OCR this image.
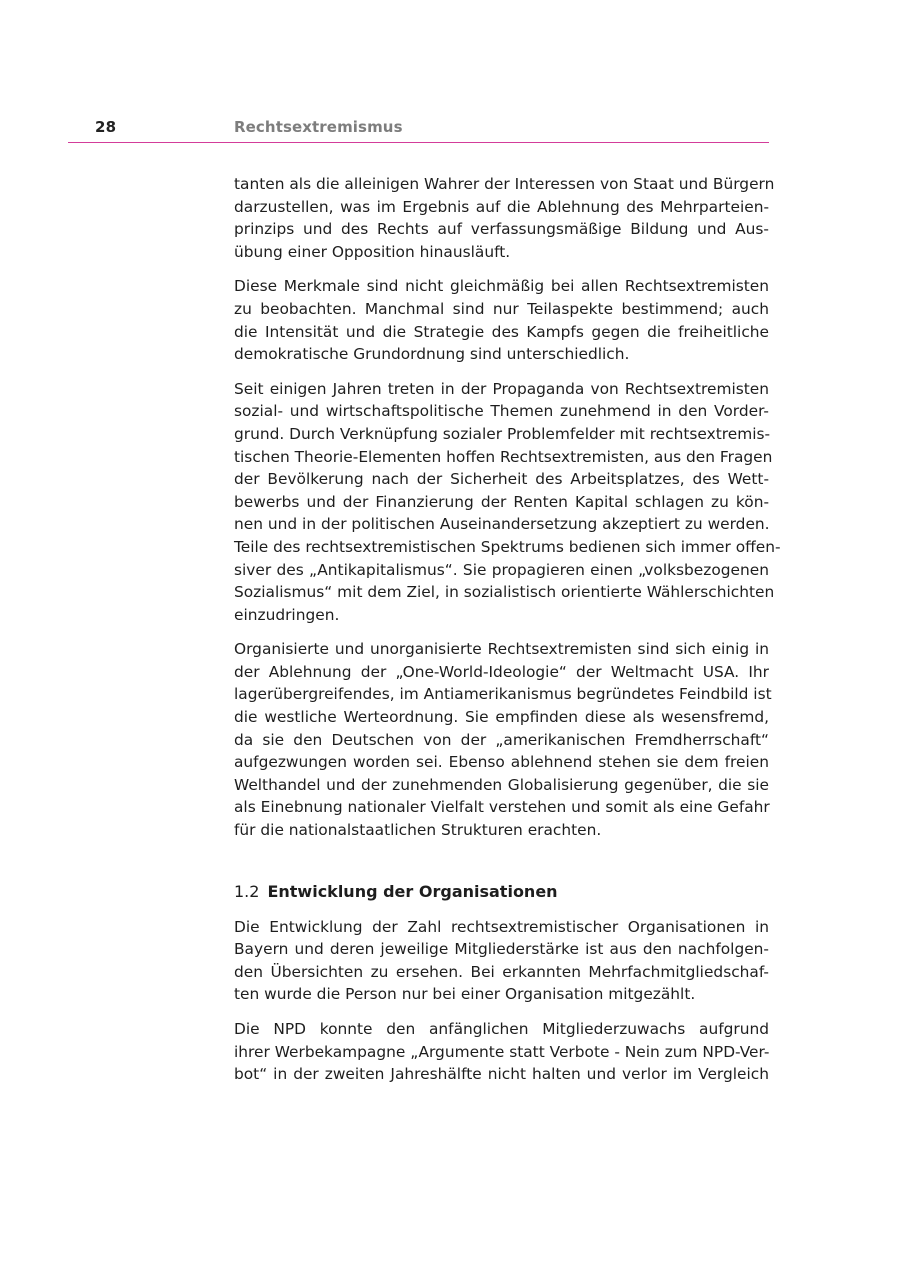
28	Rechtsextremismus

tanten als die alleinigen Wahrer der Interessen von Staat und Bürgern
darzustellen, was im Ergebnis auf die Ablehnung des Mehrparteien-
prinzips und des Rechts auf verfassungsmäßige Bildung und Aus-
übung einer Opposition hinausläuft.

Diese Merkmale sind nicht gleichmäßig bei allen Rechtsextremisten
zu beobachten. Manchmal sind nur Teilaspekte bestimmend; auch
die Intensität und die Strategie des Kampfs gegen die freiheitliche
demokratische Grundordnung sind unterschiedlich.

Seit einigen Jahren treten in der Propaganda von Rechtsextremisten
sozial- und wirtschaftspolitische Themen zunehmend in den Vorder-
grund. Durch Verknüpfung sozialer Problemfelder mit rechtsextremis-
tischen Theorie-Elementen hoffen Rechtsextremisten, aus den Fragen
der Bevölkerung nach der Sicherheit des Arbeitsplatzes, des Wett-
bewerbs und der Finanzierung der Renten Kapital schlagen zu kön-
nen und in der politischen Auseinandersetzung akzeptiert zu werden.
Teile des rechtsextremistischen Spektrums bedienen sich immer offen-
siver des „Antikapitalismus“. Sie propagieren einen „volksbezogenen
Sozialismus“ mit dem Ziel, in sozialistisch orientierte Wählerschichten
einzudringen.

Organisierte und unorganisierte Rechtsextremisten sind sich einig in
der Ablehnung der „One-World-Ideologie“ der Weltmacht USA. Ihr
lagerübergreifendes, im Antiamerikanismus begründetes Feindbild ist
die westliche Werteordnung. Sie empfinden diese als wesensfremd,
da sie den Deutschen von der „amerikanischen Fremdherrschaft“
aufgezwungen worden sei. Ebenso ablehnend stehen sie dem freien
Welthandel und der zunehmenden Globalisierung gegenüber, die sie
als Einebnung nationaler Vielfalt verstehen und somit als eine Gefahr
für die nationalstaatlichen Strukturen erachten.

1.2 Entwicklung der Organisationen

Die Entwicklung der Zahl rechtsextremistischer Organisationen in
Bayern und deren jeweilige Mitgliederstärke ist aus den nachfolgen-
den Übersichten zu ersehen. Bei erkannten Mehrfachmitgliedschaf-
ten wurde die Person nur bei einer Organisation mitgezählt.

Die NPD konnte den anfänglichen Mitgliederzuwachs aufgrund
ihrer Werbekampagne „Argumente statt Verbote - Nein zum NPD-Ver-
bot“ in der zweiten Jahreshälfte nicht halten und verlor im Vergleich
